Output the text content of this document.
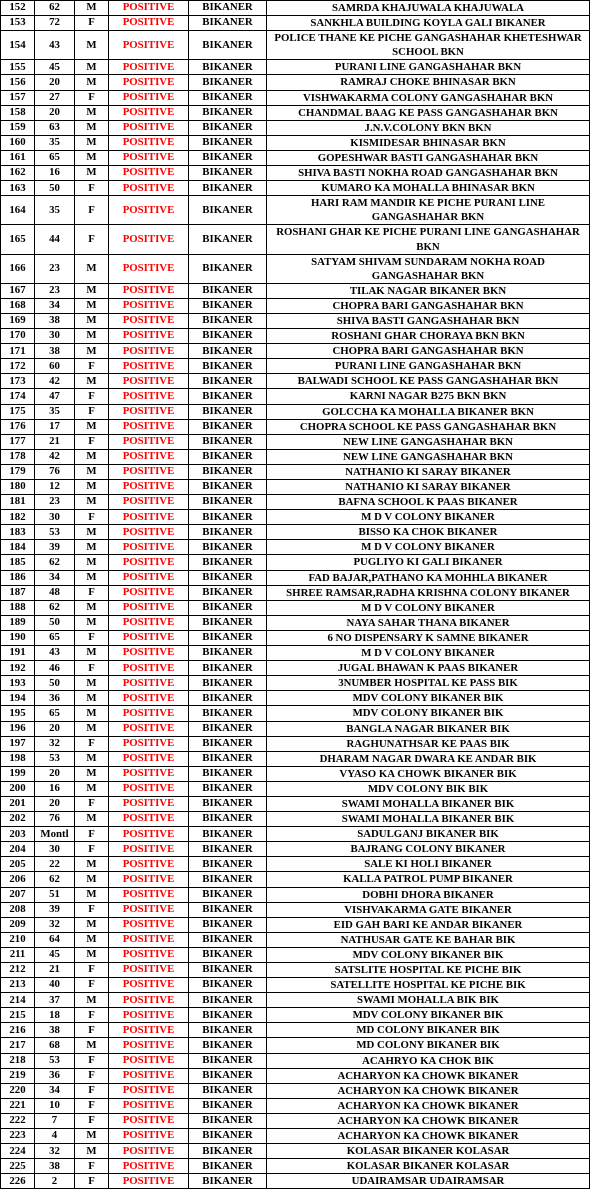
152	62	M	POSITIVE	BIKANER	SAMRDA KHAJUWALA KHAJUWALA
153	72	F	POSITIVE	BIKANER	SANKHLA BUILDING KOYLA GALI BIKANER
154	43	M	POSITIVE	BIKANER	POLICE THANE KE PICHE GANGASHAHAR KHETESHWAR SCHOOL BKN
155	45	M	POSITIVE	BIKANER	PURANI LINE GANGASHAHAR BKN
156	20	M	POSITIVE	BIKANER	RAMRAJ CHOKE BHINASAR BKN
157	27	F	POSITIVE	BIKANER	VISHWAKARMA COLONY GANGASHAHAR BKN
158	20	M	POSITIVE	BIKANER	CHANDMAL BAAG KE PASS GANGASHAHAR BKN
159	63	M	POSITIVE	BIKANER	J.N.V.COLONY BKN BKN
160	35	M	POSITIVE	BIKANER	KISMIDESAR BHINASAR BKN
161	65	M	POSITIVE	BIKANER	GOPESHWAR BASTI GANGASHAHAR BKN
162	16	M	POSITIVE	BIKANER	SHIVA BASTI NOKHA ROAD GANGASHAHAR BKN
163	50	F	POSITIVE	BIKANER	KUMARO KA MOHALLA BHINASAR BKN
164	35	F	POSITIVE	BIKANER	HARI RAM MANDIR KE PICHE PURANI LINE GANGASHAHAR BKN
165	44	F	POSITIVE	BIKANER	ROSHANI GHAR KE PICHE PURANI LINE GANGASHAHAR BKN
166	23	M	POSITIVE	BIKANER	SATYAM SHIVAM SUNDARAM NOKHA ROAD GANGASHAHAR BKN
167	23	M	POSITIVE	BIKANER	TILAK NAGAR BIKANER BKN
168	34	M	POSITIVE	BIKANER	CHOPRA BARI GANGASHAHAR BKN
169	38	M	POSITIVE	BIKANER	SHIVA BASTI GANGASHAHAR BKN
170	30	M	POSITIVE	BIKANER	ROSHANI GHAR CHORAYA BKN BKN
171	38	M	POSITIVE	BIKANER	CHOPRA BARI GANGASHAHAR BKN
172	60	F	POSITIVE	BIKANER	PURANI LINE GANGASHAHAR BKN
173	42	M	POSITIVE	BIKANER	BALWADI SCHOOL KE PASS GANGASHAHAR BKN
174	47	F	POSITIVE	BIKANER	KARNI NAGAR B275 BKN BKN
175	35	F	POSITIVE	BIKANER	GOLCCHA KA MOHALLA BIKANER BKN
176	17	M	POSITIVE	BIKANER	CHOPRA SCHOOL KE PASS GANGASHAHAR BKN
177	21	F	POSITIVE	BIKANER	NEW LINE GANGASHAHAR BKN
178	42	M	POSITIVE	BIKANER	NEW LINE GANGASHAHAR BKN
179	76	M	POSITIVE	BIKANER	NATHANIO KI SARAY BIKANER
180	12	M	POSITIVE	BIKANER	NATHANIO KI SARAY BIKANER
181	23	M	POSITIVE	BIKANER	BAFNA SCHOOL K PAAS BIKANER
182	30	F	POSITIVE	BIKANER	M D V COLONY BIKANER
183	53	M	POSITIVE	BIKANER	BISSO KA CHOK BIKANER
184	39	M	POSITIVE	BIKANER	M D V COLONY BIKANER
185	62	M	POSITIVE	BIKANER	PUGLIYO KI GALI BIKANER
186	34	M	POSITIVE	BIKANER	FAD BAJAR,PATHANO KA MOHHLA BIKANER
187	48	F	POSITIVE	BIKANER	SHREE RAMSAR,RADHA KRISHNA COLONY BIKANER
188	62	M	POSITIVE	BIKANER	M D V COLONY BIKANER
189	50	M	POSITIVE	BIKANER	NAYA SAHAR THANA BIKANER
190	65	F	POSITIVE	BIKANER	6 NO DISPENSARY K SAMNE BIKANER
191	43	M	POSITIVE	BIKANER	M D V COLONY BIKANER
192	46	F	POSITIVE	BIKANER	JUGAL BHAWAN K PAAS BIKANER
193	50	M	POSITIVE	BIKANER	3NUMBER HOSPITAL KE PASS BIK
194	36	M	POSITIVE	BIKANER	MDV COLONY BIKANER BIK
195	65	M	POSITIVE	BIKANER	MDV COLONY BIKANER BIK
196	20	M	POSITIVE	BIKANER	BANGLA NAGAR BIKANER BIK
197	32	F	POSITIVE	BIKANER	RAGHUNATHSAR KE PAAS BIK
198	53	M	POSITIVE	BIKANER	DHARAM NAGAR DWARA KE ANDAR BIK
199	20	M	POSITIVE	BIKANER	VYASO KA CHOWK BIKANER BIK
200	16	M	POSITIVE	BIKANER	MDV COLONY BIK BIK
201	20	F	POSITIVE	BIKANER	SWAMI MOHALLA BIKANER BIK
202	76	M	POSITIVE	BIKANER	SWAMI MOHALLA BIKANER BIK
203	Montl	F	POSITIVE	BIKANER	SADULGANJ BIKANER BIK
204	30	F	POSITIVE	BIKANER	BAJRANG COLONY BIKANER
205	22	M	POSITIVE	BIKANER	SALE KI HOLI BIKANER
206	62	M	POSITIVE	BIKANER	KALLA PATROL PUMP BIKANER
207	51	M	POSITIVE	BIKANER	DOBHI DHORA BIKANER
208	39	F	POSITIVE	BIKANER	VISHVAKARMA GATE BIKANER
209	32	M	POSITIVE	BIKANER	EID GAH BARI KE ANDAR BIKANER
210	64	M	POSITIVE	BIKANER	NATHUSAR GATE KE BAHAR BIK
211	45	M	POSITIVE	BIKANER	MDV COLONY BIKANER BIK
212	21	F	POSITIVE	BIKANER	SATSLITE HOSPITAL KE PICHE BIK
213	40	F	POSITIVE	BIKANER	SATELLITE HOSPITAL KE PICHE BIK
214	37	M	POSITIVE	BIKANER	SWAMI MOHALLA BIK BIK
215	18	F	POSITIVE	BIKANER	MDV COLONY BIKANER BIK
216	38	F	POSITIVE	BIKANER	MD COLONY BIKANER BIK
217	68	M	POSITIVE	BIKANER	MD COLONY BIKANER BIK
218	53	F	POSITIVE	BIKANER	ACAHRYO KA CHOK BIK
219	36	F	POSITIVE	BIKANER	ACHARYON KA CHOWK BIKANER
220	34	F	POSITIVE	BIKANER	ACHARYON KA CHOWK BIKANER
221	10	F	POSITIVE	BIKANER	ACHARYON KA CHOWK BIKANER
222	7	F	POSITIVE	BIKANER	ACHARYON KA CHOWK BIKANER
223	4	M	POSITIVE	BIKANER	ACHARYON KA CHOWK BIKANER
224	32	M	POSITIVE	BIKANER	KOLASAR BIKANER KOLASAR
225	38	F	POSITIVE	BIKANER	KOLASAR BIKANER KOLASAR
226	2	F	POSITIVE	BIKANER	UDAIRAMSAR UDAIRAMSAR
